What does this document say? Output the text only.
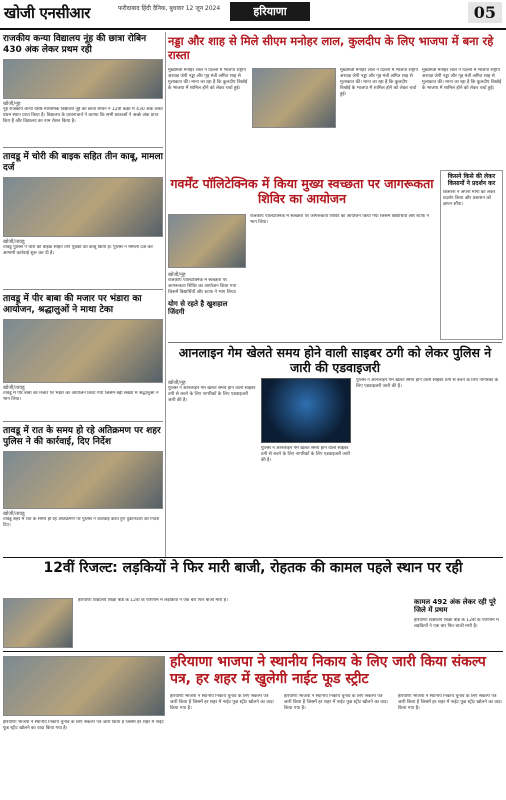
खोजी एनसीआर	फरीदाबाद हिंदी दैनिक, बुधवार 12 जून 2024	हरियाणा	05
राजकीय कन्या विद्यालय नूंह की छात्रा रोबिन 430 अंक लेकर प्रथम रही
खोजी/नूंह
नूंह राजकीय कन्या वरिष्ठ माध्यमिक विद्यालय नूंह की छात्रा रोबिन ने 12वीं कक्षा में 430 अंक लेकर प्रथम स्थान प्राप्त किया है। विद्यालय के प्रधानाचार्य ने बताया कि सभी छात्राओं ने अच्छे अंक प्राप्त किए हैं और विद्यालय का नाम रोशन किया है।
तावडू में चोरी की बाइक सहित तीन काबू, मामला दर्ज
खोजी/तावडू
तावडू पुलिस ने चोरी की बाइक सहित तीन युवकों को काबू किया है। पुलिस ने मामला दर्ज कर आगामी कार्रवाई शुरू कर दी है।
तावडू में पीर बाबा की मजार पर भंडारा का आयोजन, श्रद्धालुओं ने माथा टेका
खोजी/तावडू
तावडू में पीर बाबा की मजार पर भंडारे का आयोजन किया गया जिसमें बड़ी संख्या में श्रद्धालुओं ने भाग लिया।
तावडू में रात के समय हो रहे अतिक्रमण पर शहर पुलिस ने की कार्रवाई, दिए निर्देश
खोजी/तावडू
तावडू शहर में रात के समय हो रहे अतिक्रमण पर पुलिस ने कार्रवाई करते हुए दुकानदारों को निर्देश दिए।
नड्डा और शाह से मिले सीएम मनोहर लाल, कुलदीप के लिए भाजपा में बना रहे रास्ता
मुख्यमंत्री मनोहर लाल ने दिल्ली में भाजपा राष्ट्रीय अध्यक्ष जेपी नड्डा और गृह मंत्री अमित शाह से मुलाकात की। माना जा रहा है कि कुलदीप बिश्नोई के भाजपा में शामिल होने को लेकर चर्चा हुई।
मुख्यमंत्री मनोहर लाल ने दिल्ली में भाजपा राष्ट्रीय अध्यक्ष जेपी नड्डा और गृह मंत्री अमित शाह से मुलाकात की। माना जा रहा है कि कुलदीप बिश्नोई के भाजपा में शामिल होने को लेकर चर्चा हुई।
मुख्यमंत्री मनोहर लाल ने दिल्ली में भाजपा राष्ट्रीय अध्यक्ष जेपी नड्डा और गृह मंत्री अमित शाह से मुलाकात की। माना जा रहा है कि कुलदीप बिश्नोई के भाजपा में शामिल होने को लेकर चर्चा हुई।
किसने किसे की लेकर किसानों ने प्रदर्शन कर
किसानों ने अपनी मांगों को लेकर प्रदर्शन किया और प्रशासन को ज्ञापन सौंपा।
गवर्मेंट पॉलिटेक्निक में किया मुख्य स्वच्छता पर जागरूकता शिविर का आयोजन
खोजी/नूंह
राजकीय पॉलिटेक्निक में स्वच्छता पर जागरूकता शिविर का आयोजन किया गया जिसमें विद्यार्थियों और स्टाफ ने भाग लिया।
योग से रहते है खुशहाल जिंदगी
राजकीय पॉलिटेक्निक में स्वच्छता पर जागरूकता शिविर का आयोजन किया गया जिसमें विद्यार्थियों और स्टाफ ने भाग लिया।
आनलाइन गेम खेलते समय होने वाली साइबर ठगी को लेकर पुलिस ने जारी की एडवाइजरी
खोजी/नूंह
पुलिस ने ऑनलाइन गेम खेलते समय होने वाली साइबर ठगी से बचने के लिए नागरिकों के लिए एडवाइजरी जारी की है।
पुलिस ने ऑनलाइन गेम खेलते समय होने वाली साइबर ठगी से बचने के लिए नागरिकों के लिए एडवाइजरी जारी की है।
पुलिस ने ऑनलाइन गेम खेलते समय होने वाली साइबर ठगी से बचने के लिए नागरिकों के लिए एडवाइजरी जारी की है।
12वीं रिजल्ट: लड़कियों ने फिर मारी बाजी, रोहतक की कामल पहले स्थान पर रही
हरियाणा विद्यालय शिक्षा बोर्ड के 12वीं के परिणाम में लड़कियों ने एक बार फिर बाजी मारी है।	कामल 492 अंक लेकर रही पूरे जिले में प्रथम
हरियाणा विद्यालय शिक्षा बोर्ड के 12वीं के परिणाम में लड़कियों ने एक बार फिर बाजी मारी है।
हरियाणा भाजपा ने स्थानीय निकाय के लिए जारी किया संकल्प पत्र, हर शहर में खुलेगी नाईट फूड स्ट्रीट
हरियाणा भाजपा ने स्थानीय निकाय चुनाव के लिए संकल्प पत्र जारी किया है जिसमें हर शहर में नाईट फूड स्ट्रीट खोलने का वादा किया गया है।
हरियाणा भाजपा ने स्थानीय निकाय चुनाव के लिए संकल्प पत्र जारी किया है जिसमें हर शहर में नाईट फूड स्ट्रीट खोलने का वादा किया गया है।
हरियाणा भाजपा ने स्थानीय निकाय चुनाव के लिए संकल्प पत्र जारी किया है जिसमें हर शहर में नाईट फूड स्ट्रीट खोलने का वादा किया गया है।
हरियाणा भाजपा ने स्थानीय निकाय चुनाव के लिए संकल्प पत्र जारी किया है जिसमें हर शहर में नाईट फूड स्ट्रीट खोलने का वादा किया गया है।
